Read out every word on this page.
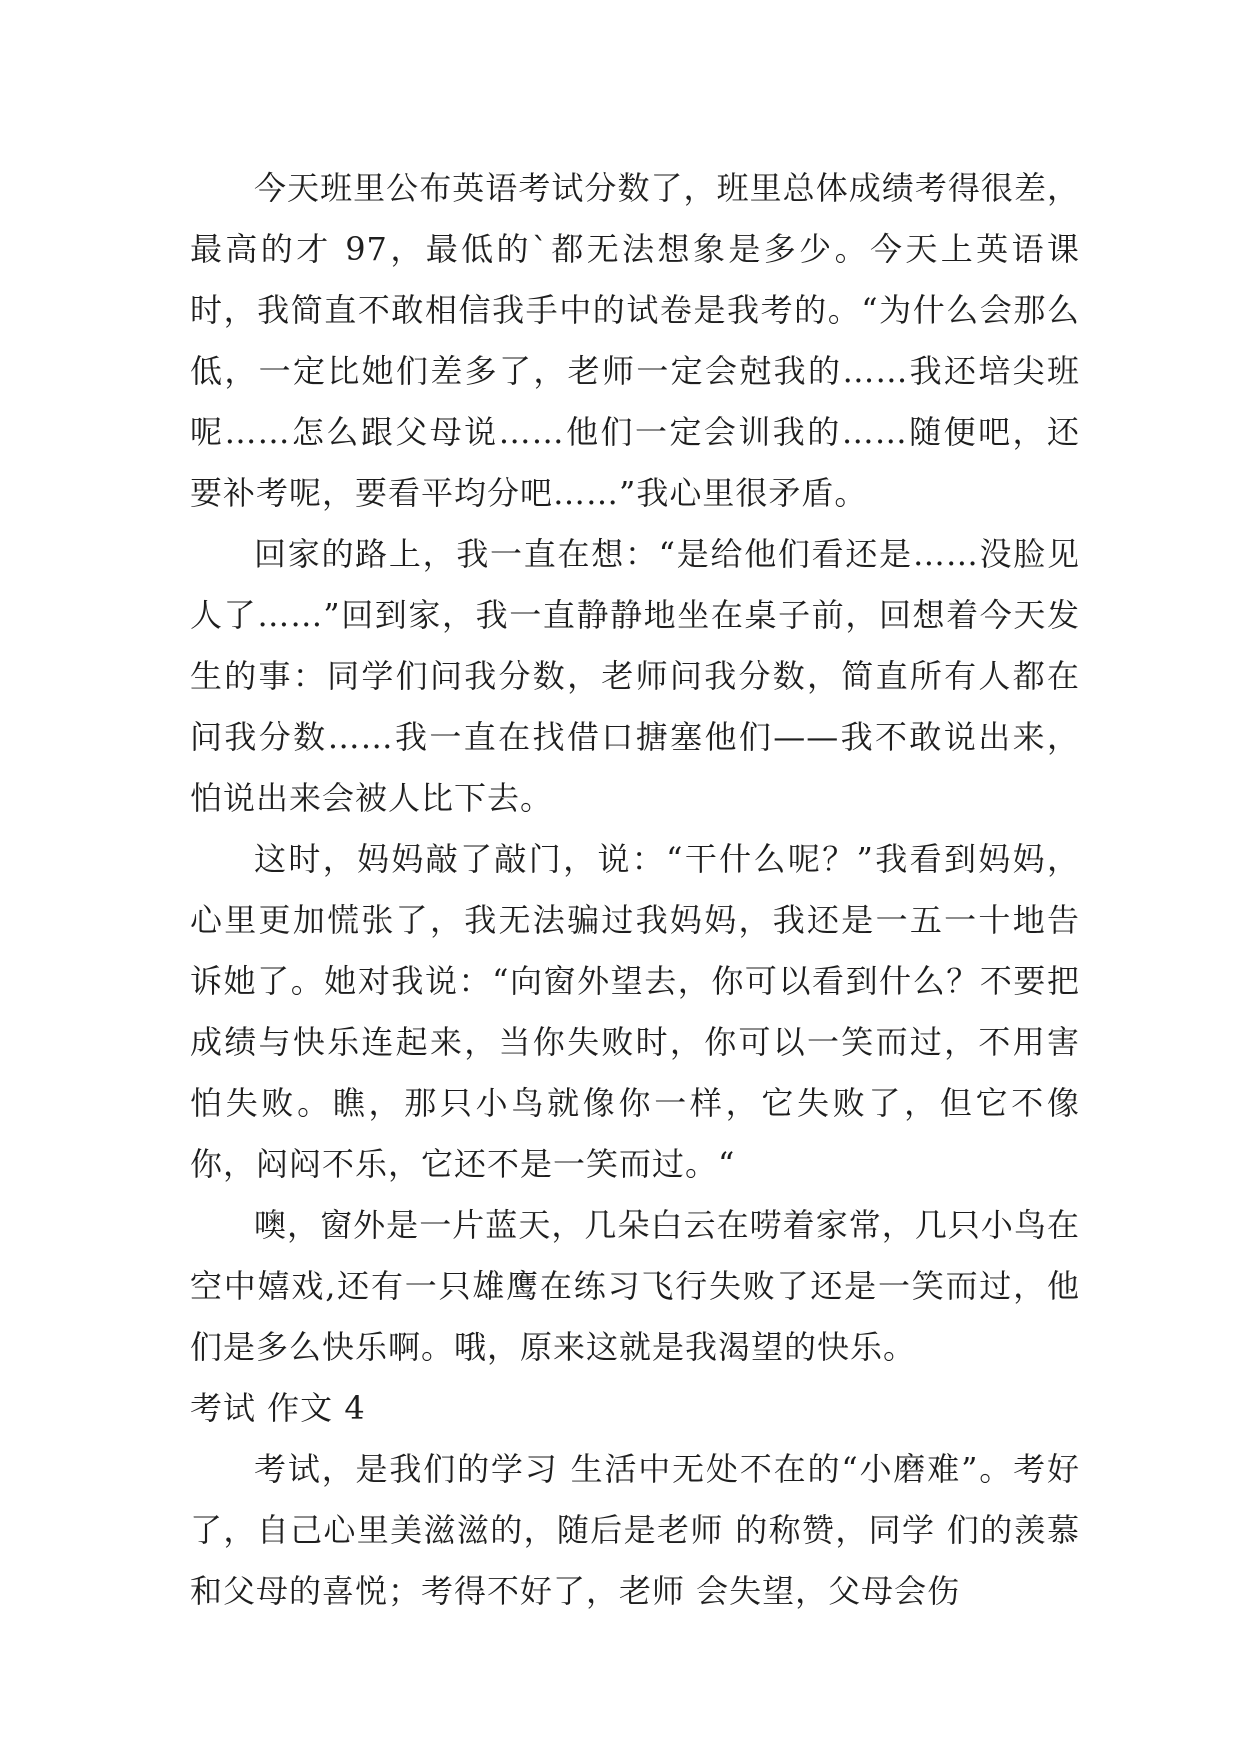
今天班里公布英语考试分数了，班里总体成绩考得很差，最高的才 97，最低的`都无法想象是多少。今天上英语课时，我简直不敢相信我手中的试卷是我考的。“为什么会那么低，一定比她们差多了，老师一定会尅我的……我还培尖班呢……怎么跟父母说……他们一定会训我的……随便吧，还要补考呢，要看平均分吧……”我心里很矛盾。

回家的路上，我一直在想：“是给他们看还是……没脸见人了……”回到家，我一直静静地坐在桌子前，回想着今天发生的事：同学们问我分数，老师问我分数，简直所有人都在问我分数……我一直在找借口搪塞他们——我不敢说出来，怕说出来会被人比下去。

这时，妈妈敲了敲门，说：“干什么呢？”我看到妈妈，心里更加慌张了，我无法骗过我妈妈，我还是一五一十地告诉她了。她对我说：“向窗外望去，你可以看到什么？不要把成绩与快乐连起来，当你失败时，你可以一笑而过，不用害怕失败。瞧，那只小鸟就像你一样，它失败了，但它不像你，闷闷不乐，它还不是一笑而过。“

噢，窗外是一片蓝天，几朵白云在唠着家常，几只小鸟在空中嬉戏,还有一只雄鹰在练习飞行失败了还是一笑而过，他们是多么快乐啊。哦，原来这就是我渴望的快乐。

考试 作文 4

考试，是我们的学习 生活中无处不在的“小磨难”。考好了，自己心里美滋滋的，随后是老师 的称赞，同学 们的羡慕和父母的喜悦；考得不好了，老师 会失望，父母会伤
